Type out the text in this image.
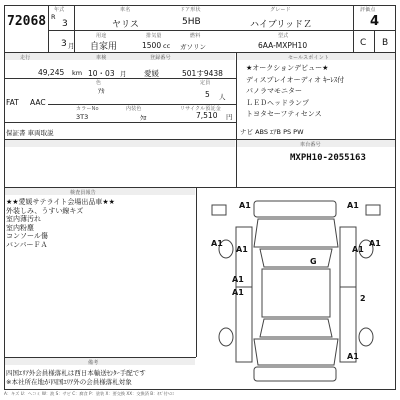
72068
年式
R
3
3 月
車名
ヤリス
ドア形状
5HB
グレード
ハイブリッドＺ
評価点
4
用途
自家用
排気量
1500 cc
燃料
ガソリン
型式
6AA-MXPH10	C B
走行	車検	登録番号
49,245 km 10・03 月 愛媛	501す9438
色	定員
ｱｶ	5 人
FAT AAC
カラーNo	内装色	リサイクル預託金
3T3	ｸﾛ	7,510 円
保証書 車両取説
セールスポイント
★オークションデビュー★
ディスプレイオーディオ ｷｰﾚｽ付
パノラマモニター
ＬＥＤヘッドランプ
トヨタセーフティセンス
ナビ ABS ｴｱB PS PW
車台番号
MXPH10-2055163
検査員報告
★★愛媛サテライト会場出品車★★
外装しみ、うすい線キズ
室内薄汚れ
室内粉塵
コンソール傷
バンパーＦＡ
A1	A1
A1	A1
A1	A1
G
A1
A1
2
A1
備考
四国ｴﾘｱ外会員様落札は西日本輸送ｾﾝﾀｰ手配です
※本社所在地が四国ｴﾘｱ外の会員様落札対象
A：キズ U：ヘコミ W：波 S：サビ C：腐食 P：塗装 X：要交換 XX：交換済 B：ｷｽﾞ付ﾍｺﾐ
